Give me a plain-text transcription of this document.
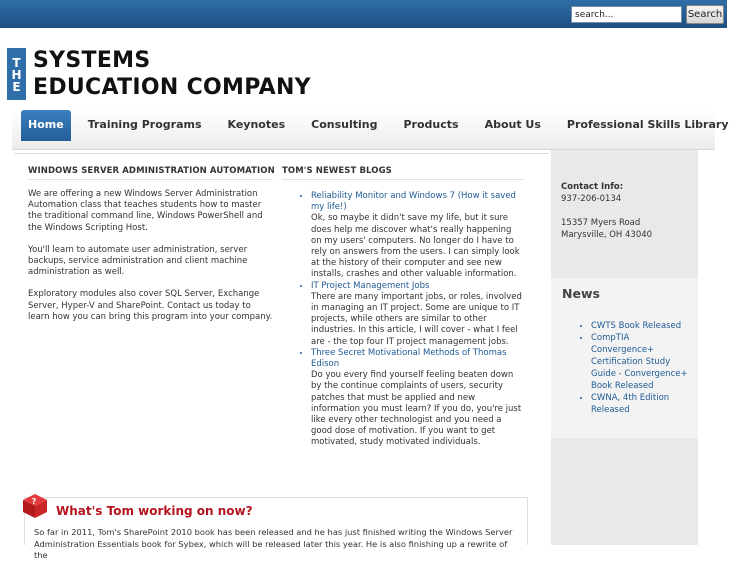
search...
Search
THE SYSTEMS
EDUCATION COMPANY
Home	Training Programs	Keynotes	Consulting	Products	About Us	Professional Skills Library
WINDOWS SERVER ADMINISTRATION AUTOMATION

We are offering a new Windows Server Administration Automation class that teaches students how to master the traditional command line, Windows PowerShell and the Windows Scripting Host.

You'll learn to automate user administration, server backups, service administration and client machine administration as well.

Exploratory modules also cover SQL Server, Exchange Server, Hyper-V and SharePoint. Contact us today to learn how you can bring this program into your company.

TOM'S NEWEST BLOGS
• Reliability Monitor and Windows 7 (How it saved my life!)
Ok, so maybe it didn't save my life, but it sure does help me discover what's really happening on my users' computers. No longer do I have to rely on answers from the users. I can simply look at the history of their computer and see new installs, crashes and other valuable information.
• IT Project Management Jobs
There are many important jobs, or roles, involved in managing an IT project. Some are unique to IT projects, while others are similar to other industries. In this article, I will cover - what I feel are - the top four IT project management jobs.
• Three Secret Motivational Methods of Thomas Edison
Do you every find yourself feeling beaten down by the continue complaints of users, security patches that must be applied and new information you must learn? If you do, you're just like every other technologist and you need a good dose of motivation. If you want to get motivated, study motivated individuals.
Contact Info:
937-206-0134
15357 Myers Road
Marysville, OH 43040
News
• CWTS Book Released
• CompTIA Convergence+ Certification Study Guide - Convergence+ Book Released
• CWNA, 4th Edition Released
?
What's Tom working on now?
So far in 2011, Tom's SharePoint 2010 book has been released and he has just finished writing the Windows Server Administration Essentials book for Sybex, which will be released later this year. He is also finishing up a rewrite of the
